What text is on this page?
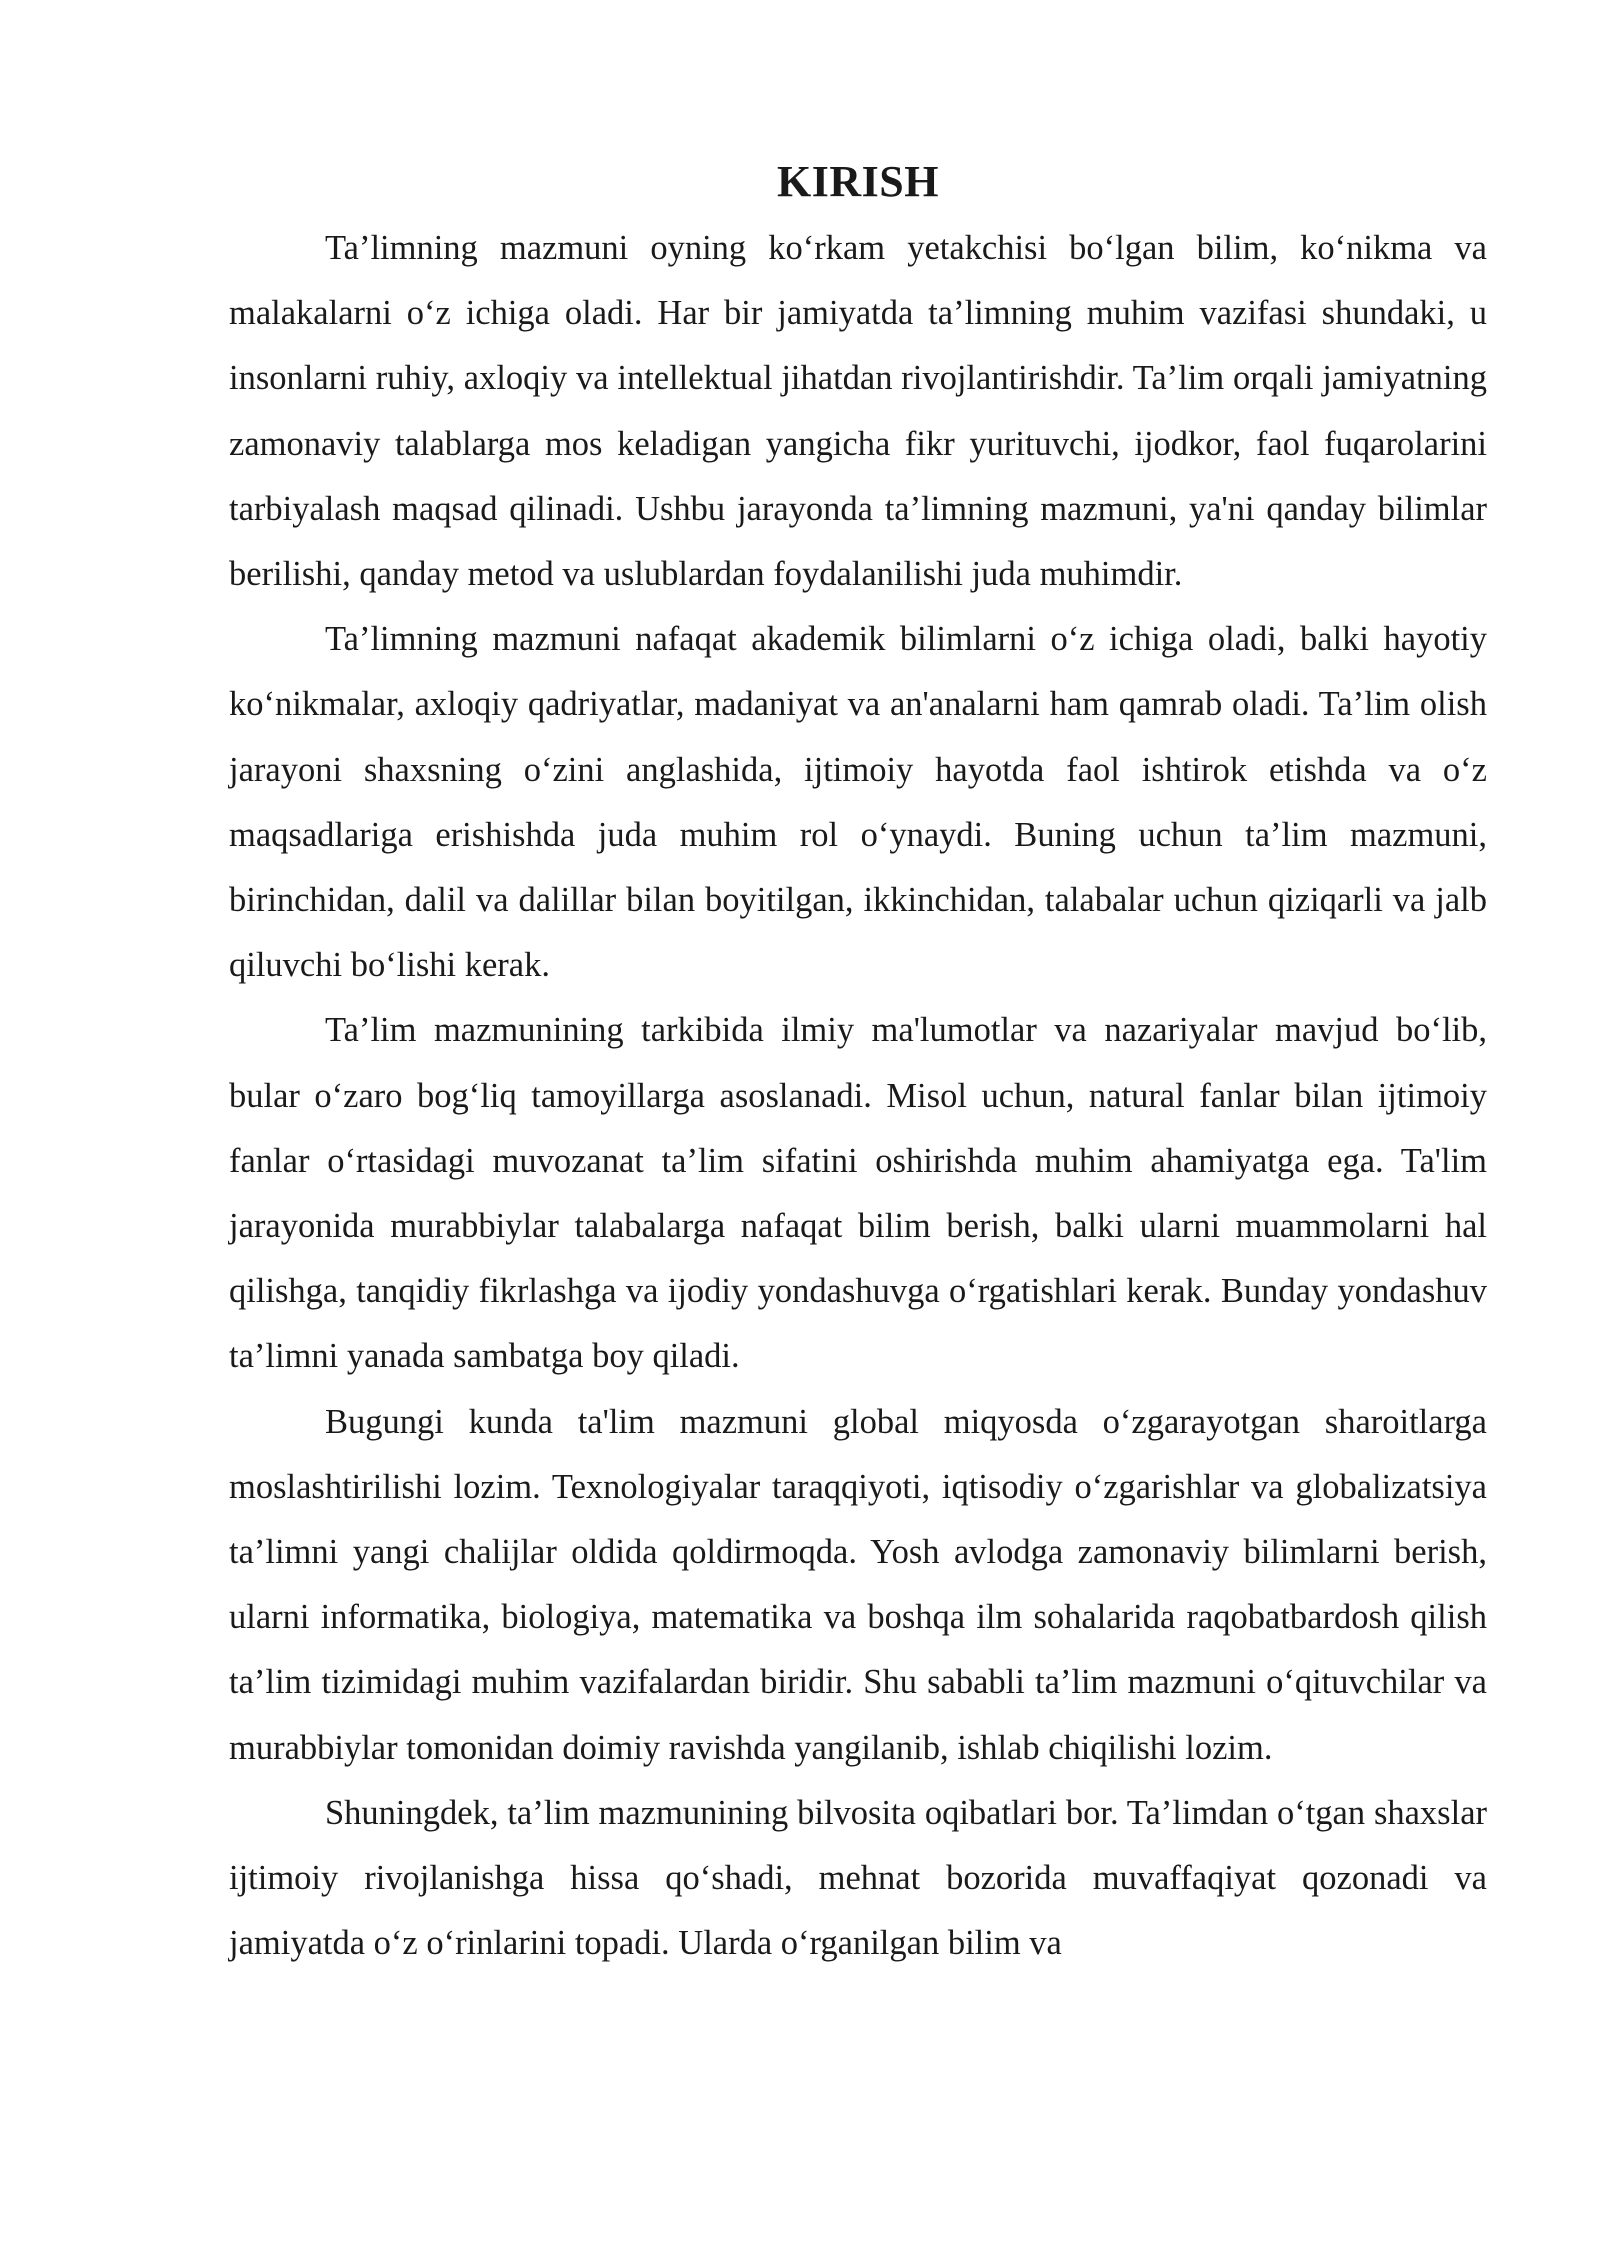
KIRISH

Ta’limning mazmuni oyning ko‘rkam yetakchisi bo‘lgan bilim, ko‘nikma va malakalarni o‘z ichiga oladi. Har bir jamiyatda ta’limning muhim vazifasi shundaki, u insonlarni ruhiy, axloqiy va intellektual jihatdan rivojlantirishdir. Ta’lim orqali jamiyatning zamonaviy talablarga mos keladigan yangicha fikr yurituvchi, ijodkor, faol fuqarolarini tarbiyalash maqsad qilinadi. Ushbu jarayonda ta’limning mazmuni, ya'ni qanday bilimlar berilishi, qanday metod va uslublardan foydalanilishi juda muhimdir.

Ta’limning mazmuni nafaqat akademik bilimlarni o‘z ichiga oladi, balki hayotiy ko‘nikmalar, axloqiy qadriyatlar, madaniyat va an'analarni ham qamrab oladi. Ta’lim olish jarayoni shaxsning o‘zini anglashida, ijtimoiy hayotda faol ishtirok etishda va o‘z maqsadlariga erishishda juda muhim rol o‘ynaydi. Buning uchun ta’lim mazmuni, birinchidan, dalil va dalillar bilan boyitilgan, ikkinchidan, talabalar uchun qiziqarli va jalb qiluvchi bo‘lishi kerak.

Ta’lim mazmunining tarkibida ilmiy ma'lumotlar va nazariyalar mavjud bo‘lib, bular o‘zaro bog‘liq tamoyillarga asoslanadi. Misol uchun, natural fanlar bilan ijtimoiy fanlar o‘rtasidagi muvozanat ta’lim sifatini oshirishda muhim ahamiyatga ega. Ta'lim jarayonida murabbiylar talabalarga nafaqat bilim berish, balki ularni muammolarni hal qilishga, tanqidiy fikrlashga va ijodiy yondashuvga o‘rgatishlari kerak. Bunday yondashuv ta’limni yanada sambatga boy qiladi.

Bugungi kunda ta'lim mazmuni global miqyosda o‘zgarayotgan sharoitlarga moslashtirilishi lozim. Texnologiyalar taraqqiyoti, iqtisodiy o‘zgarishlar va globalizatsiya ta’limni yangi chalijlar oldida qoldirmoqda. Yosh avlodga zamonaviy bilimlarni berish, ularni informatika, biologiya, matematika va boshqa ilm sohalarida raqobatbardosh qilish ta’lim tizimidagi muhim vazifalardan biridir. Shu sababli ta’lim mazmuni o‘qituvchilar va murabbiylar tomonidan doimiy ravishda yangilanib, ishlab chiqilishi lozim.

Shuningdek, ta’lim mazmunining bilvosita oqibatlari bor. Ta’limdan o‘tgan shaxslar ijtimoiy rivojlanishga hissa qo‘shadi, mehnat bozorida muvaffaqiyat qozonadi va jamiyatda o‘z o‘rinlarini topadi. Ularda o‘rganilgan bilim va
